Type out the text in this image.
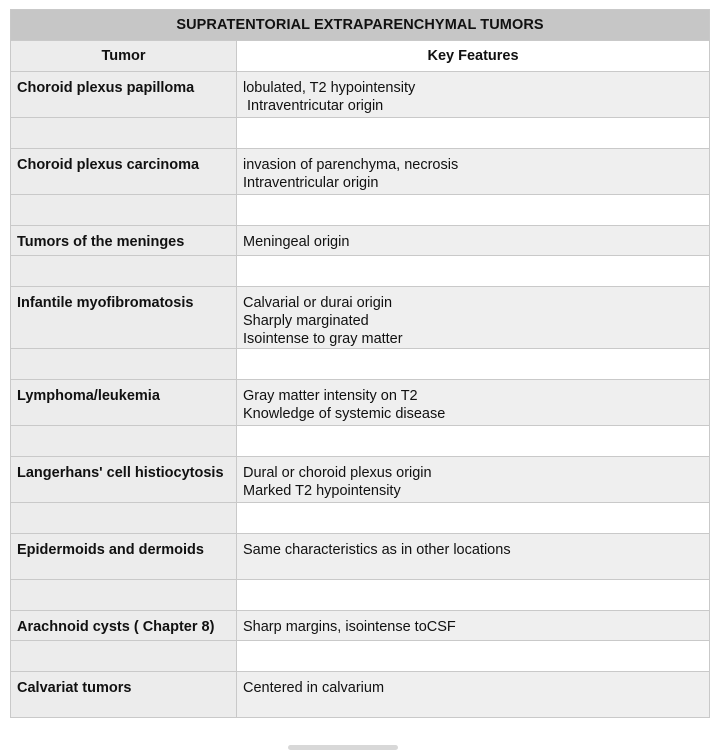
SUPRATENTORIAL EXTRAPARENCHYMAL TUMORS	
Tumor	Key Features

Choroid plexus papilloma	lobulated, T2 hypointensity
Intraventricutar origin

Choroid plexus carcinoma	invasion of parenchyma, necrosis
Intraventricular origin

Tumors of the meninges	Meningeal origin

Infantile myofibromatosis	Calvarial or durai origin
Sharply marginated
Isointense to gray matter

Lymphoma/leukemia	Gray matter intensity on T2
Knowledge of systemic disease

Langerhans' cell histiocytosis	Dural or choroid plexus origin
Marked T2 hypointensity

Epidermoids and dermoids	Same characteristics as in other locations

Arachnoid cysts ( Chapter 8)	Sharp margins, isointense toCSF

Calvariat tumors	Centered in calvarium
